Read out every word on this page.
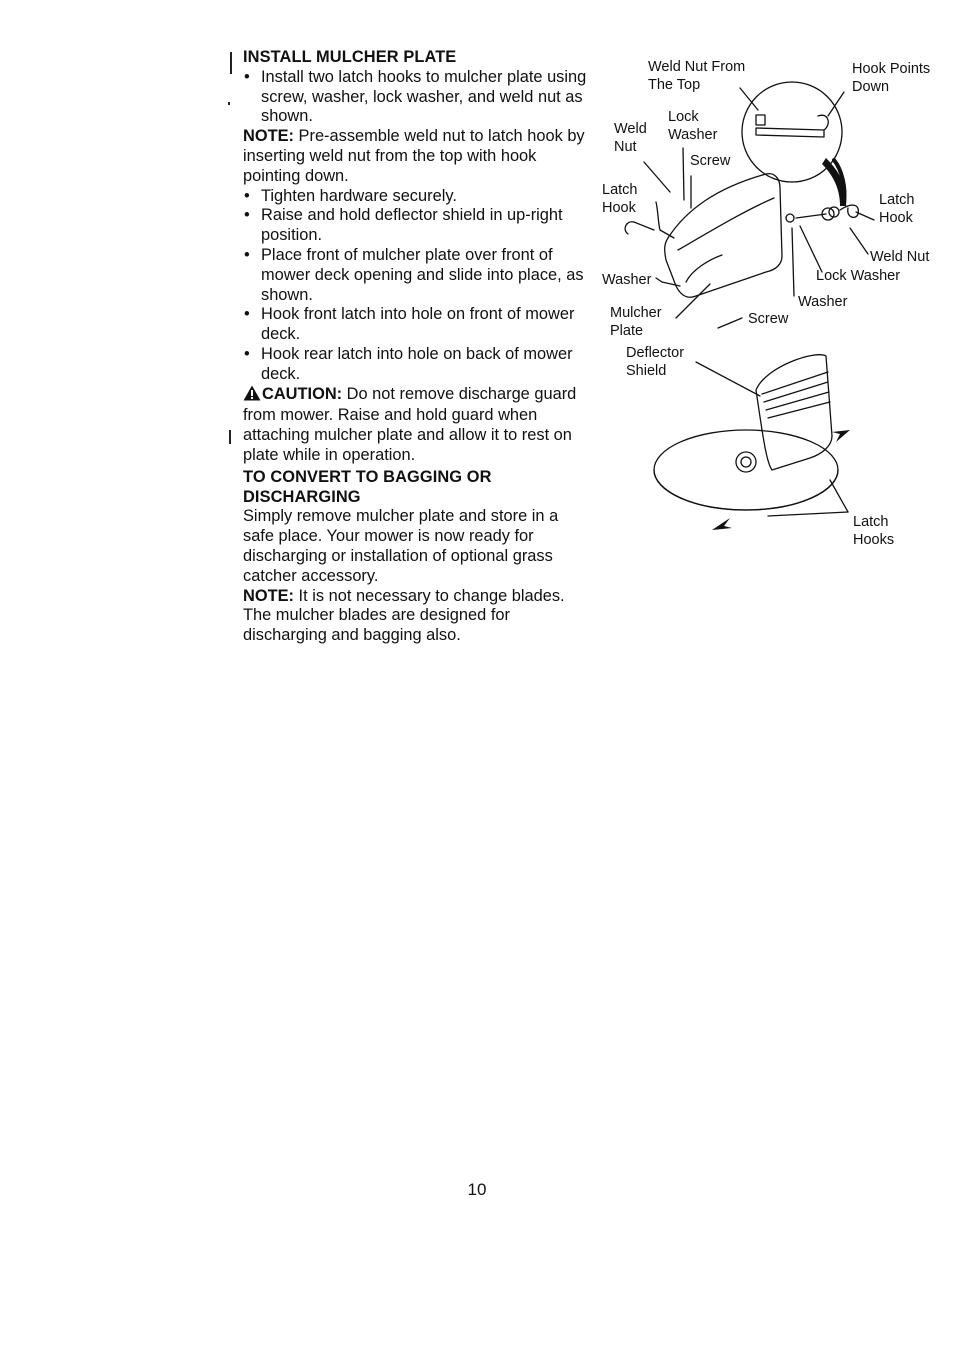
INSTALL MULCHER PLATE

• Install two latch hooks to mulcher plate using screw, washer, lock washer, and weld nut as shown.

NOTE: Pre-assemble weld nut to latch hook by inserting weld nut from the top with hook pointing down.

• Tighten hardware securely.

• Raise and hold deflector shield in up-right position.

• Place front of mulcher plate over front of mower deck opening and slide into place, as shown.

• Hook front latch into hole on front of mower deck.

• Hook rear latch into hole on back of mower deck.

CAUTION: Do not remove discharge guard from mower. Raise and hold guard when attaching mulcher plate and allow it to rest on plate while in operation.

TO CONVERT TO BAGGING OR DISCHARGING

Simply remove mulcher plate and store in a safe place. Your mower is now ready for discharging or installation of optional grass catcher accessory.

NOTE: It is not necessary to change blades. The mulcher blades are designed for discharging and bagging also.

Weld Nut From
The Top
Hook Points
Down
Lock
Washer
Weld
Nut
Screw
Latch
Hook	Latch
Hook
Weld Nut
Lock Washer
Washer
Washer
Mulcher
Plate
Screw
Deflector
Shield
Latch
Hooks
10
